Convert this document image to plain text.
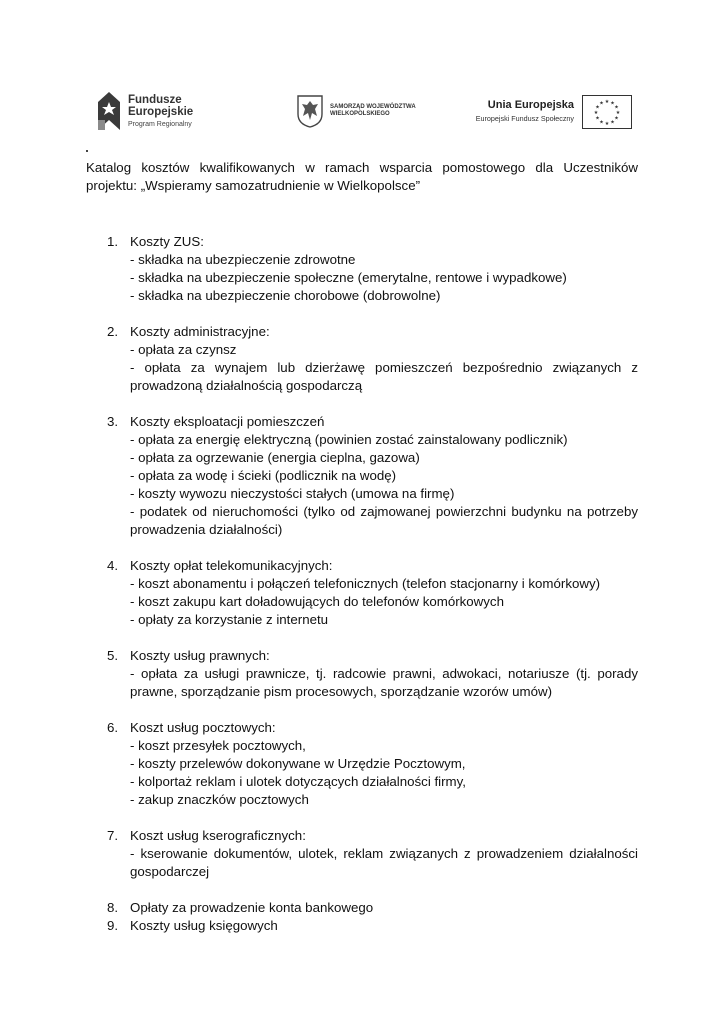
Fundusze
Europejskie
Program Regionalny
SAMORZĄD WOJEWÓDZTWA
WIELKOPOLSKIEGO
Unia Europejska
Europejski Fundusz Społeczny
★ ★
★
★
★
★
★
★
★
★
★
★
Katalog kosztów kwalifikowanych w ramach wsparcia pomostowego dla Uczestników projektu: „Wspieramy samozatrudnienie w Wielkopolsce”
1. Koszty ZUS:
- składka na ubezpieczenie zdrowotne
- składka na ubezpieczenie społeczne (emerytalne, rentowe i wypadkowe)
- składka na ubezpieczenie chorobowe (dobrowolne)
2. Koszty administracyjne:
- opłata za czynsz
- opłata za wynajem lub dzierżawę pomieszczeń bezpośrednio związanych z prowadzoną działalnością gospodarczą
3. Koszty eksploatacji pomieszczeń
- opłata za energię elektryczną (powinien zostać zainstalowany podlicznik)
- opłata za ogrzewanie (energia cieplna, gazowa)
- opłata za wodę i ścieki (podlicznik na wodę)
- koszty wywozu nieczystości stałych (umowa na firmę)
- podatek od nieruchomości (tylko od zajmowanej powierzchni budynku na potrzeby prowadzenia działalności)
4. Koszty opłat telekomunikacyjnych:
- koszt abonamentu i połączeń telefonicznych (telefon stacjonarny i komórkowy)
- koszt zakupu kart doładowujących do telefonów komórkowych
- opłaty za korzystanie z internetu
5. Koszty usług prawnych:
- opłata za usługi prawnicze, tj. radcowie prawni, adwokaci, notariusze (tj. porady prawne, sporządzanie pism procesowych, sporządzanie wzorów umów)
6. Koszt usług pocztowych:
- koszt przesyłek pocztowych,
- koszty przelewów dokonywane w Urzędzie Pocztowym,
- kolportaż reklam i ulotek dotyczących działalności firmy,
- zakup znaczków pocztowych
7. Koszt usług kserograficznych:
- kserowanie dokumentów, ulotek, reklam związanych z prowadzeniem działalności gospodarczej
8. Opłaty za prowadzenie konta bankowego
9. Koszty usług księgowych
